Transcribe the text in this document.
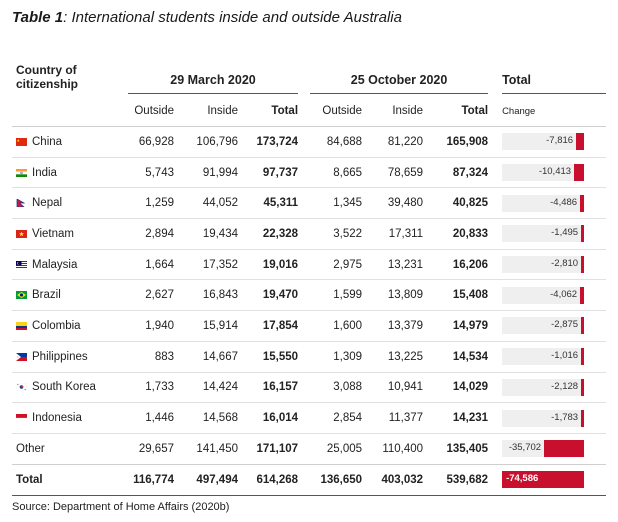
Table 1: International students inside and outside Australia
Country of citizenship	29 March 2020			25 October 2020			Total

	Outside	Inside	Total	Outside	Inside	Total	Change
China	66,928	106,796	173,724	84,688	81,220	165,908	-7,816

India	5,743	91,994	97,737	8,665	78,659	87,324	-10,413

Nepal	1,259	44,052	45,311	1,345	39,480	40,825	-4,486

Vietnam	2,894	19,434	22,328	3,522	17,311	20,833	-1,495

Malaysia	1,664	17,352	19,016	2,975	13,231	16,206	-2,810

Brazil	2,627	16,843	19,470	1,599	13,809	15,408	-4,062

Colombia	1,940	15,914	17,854	1,600	13,379	14,979	-2,875

Philippines	883	14,667	15,550	1,309	13,225	14,534	-1,016

South Korea	1,733	14,424	16,157	3,088	10,941	14,029	-2,128

Indonesia	1,446	14,568	16,014	2,854	11,377	14,231	-1,783

Other	29,657	141,450	171,107	25,005	110,400	135,405	-35,702

Total	116,774	497,494	614,268	136,650	403,032	539,682	-74,586
Source: Department of Home Affairs (2020b)
